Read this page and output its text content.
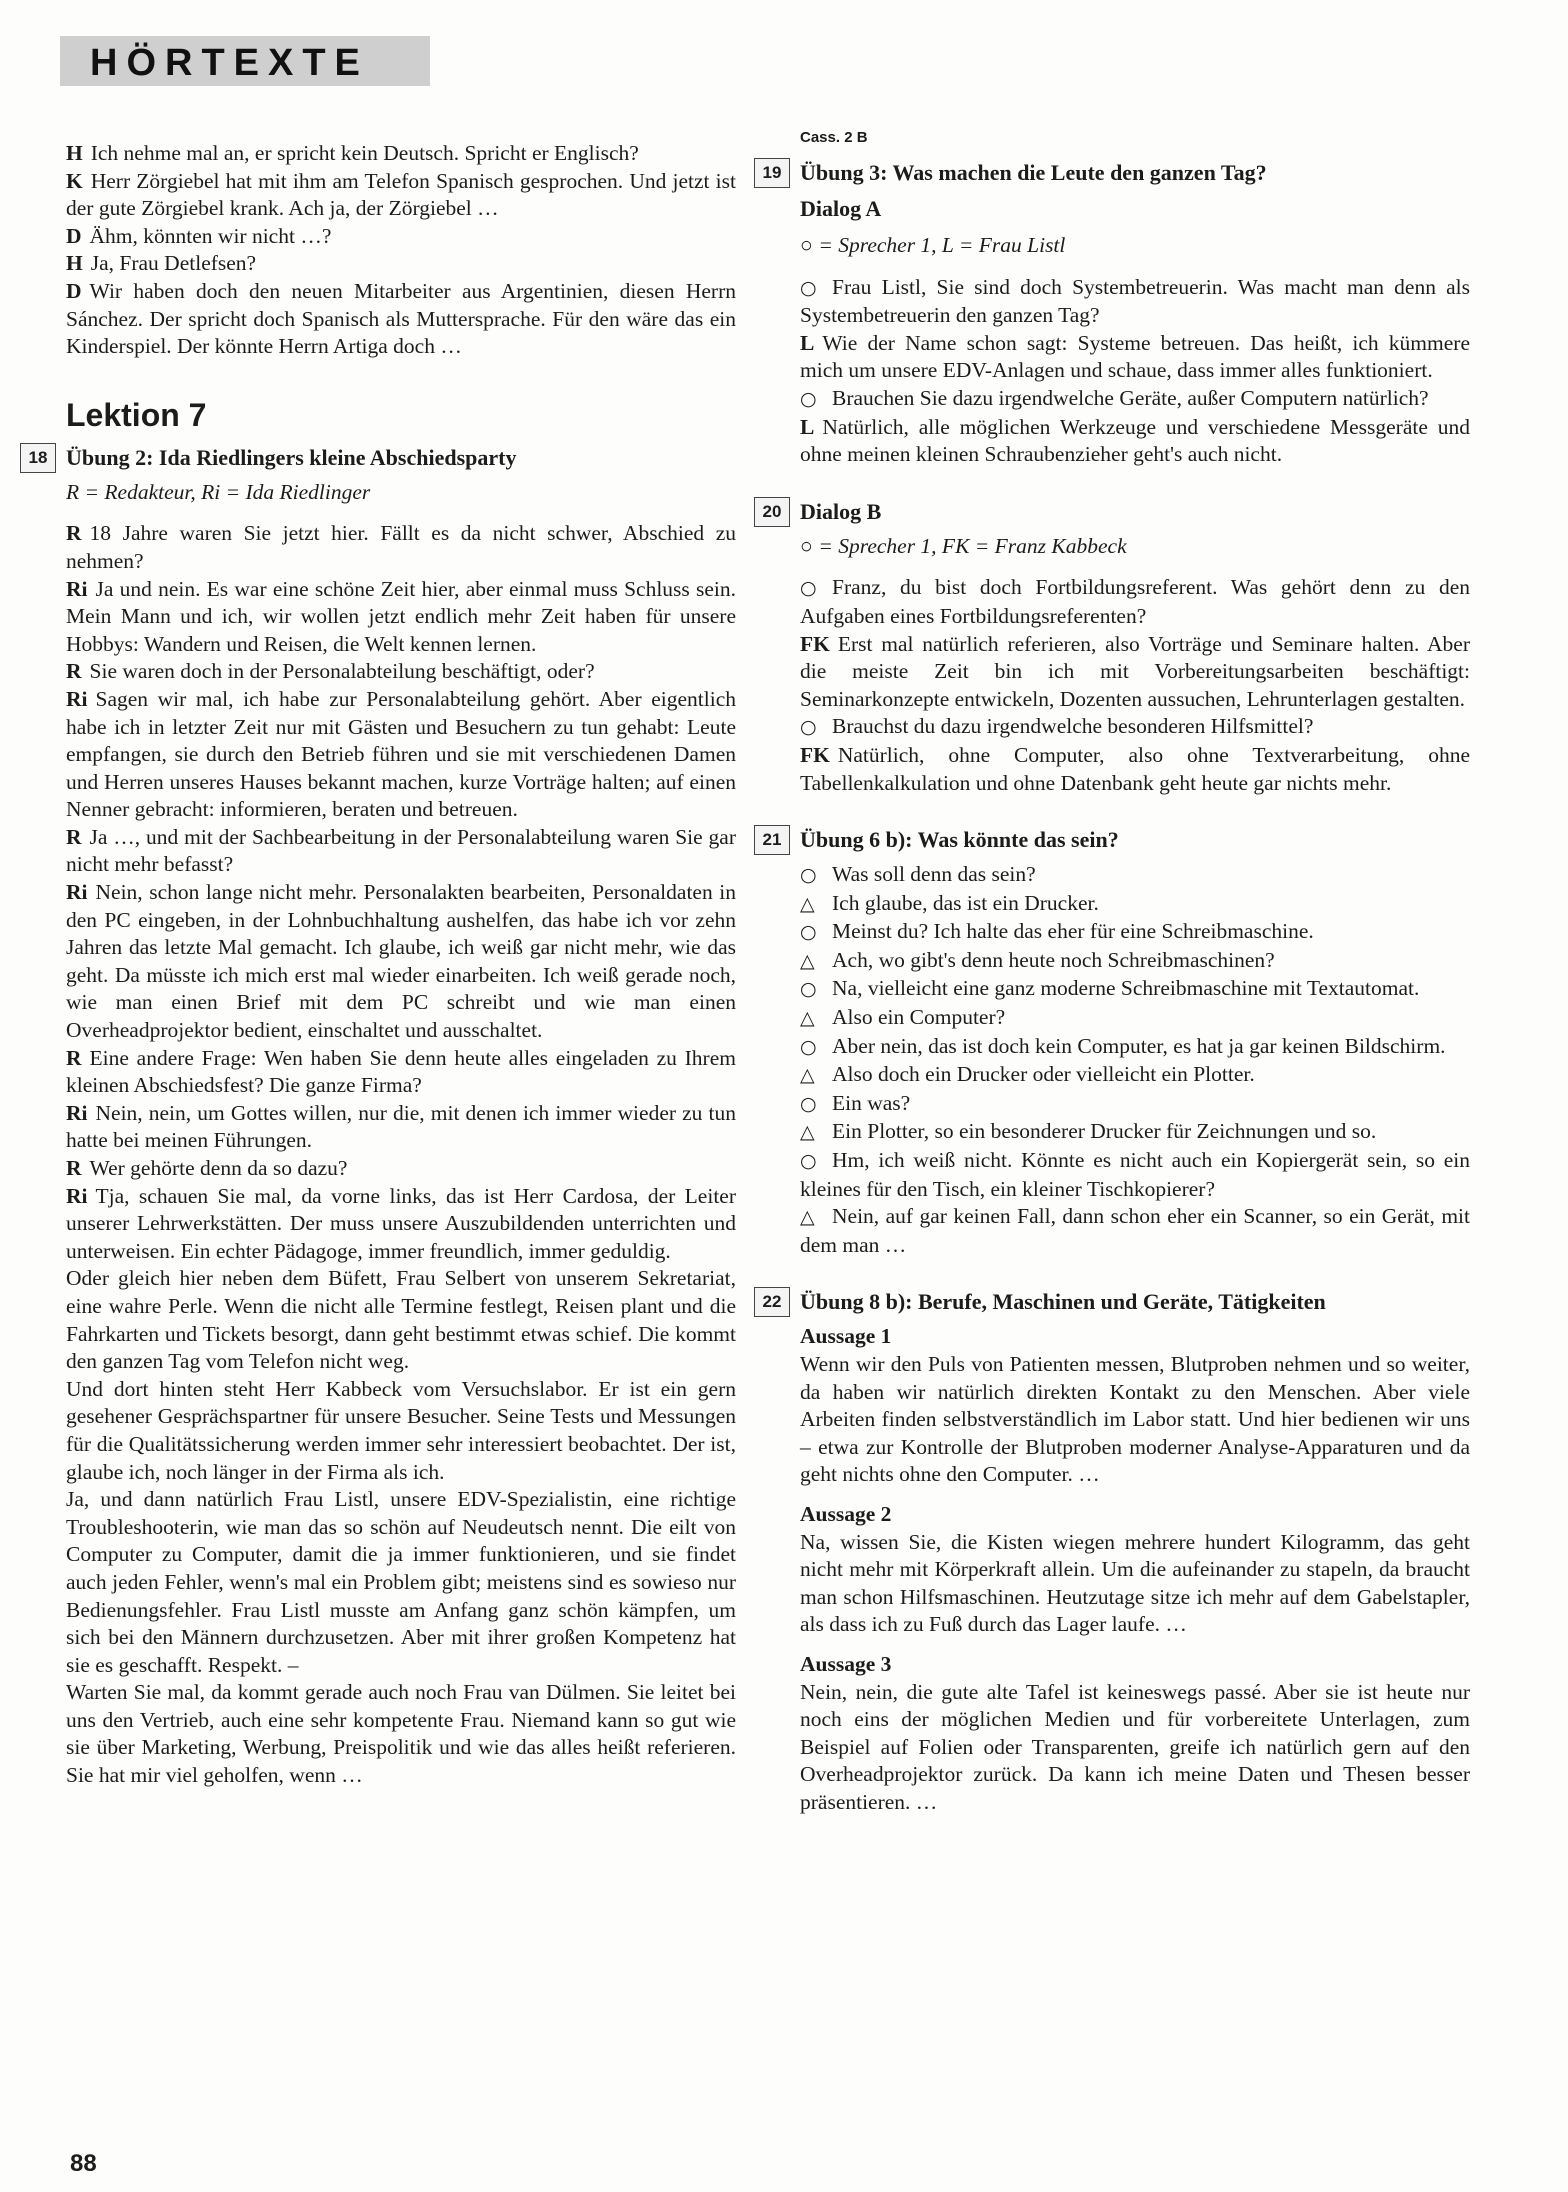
HÖRTEXTE
H Ich nehme mal an, er spricht kein Deutsch. Spricht er Englisch?
K Herr Zörgiebel hat mit ihm am Telefon Spanisch gesprochen. Und jetzt ist der gute Zörgiebel krank. Ach ja, der Zörgiebel …
D Ähm, könnten wir nicht …?
H Ja, Frau Detlefsen?
D Wir haben doch den neuen Mitarbeiter aus Argentinien, diesen Herrn Sánchez. Der spricht doch Spanisch als Muttersprache. Für den wäre das ein Kinderspiel. Der könnte Herrn Artiga doch …
Lektion 7
18 Übung 2: Ida Riedlingers kleine Abschiedsparty
R = Redakteur, Ri = Ida Riedlinger
R 18 Jahre waren Sie jetzt hier. Fällt es da nicht schwer, Abschied zu nehmen?
Ri Ja und nein. Es war eine schöne Zeit hier, aber einmal muss Schluss sein. Mein Mann und ich, wir wollen jetzt endlich mehr Zeit haben für unsere Hobbys: Wandern und Reisen, die Welt kennen lernen.
R Sie waren doch in der Personalabteilung beschäftigt, oder?
Ri Sagen wir mal, ich habe zur Personalabteilung gehört. Aber eigentlich habe ich in letzter Zeit nur mit Gästen und Besuchern zu tun gehabt: Leute empfangen, sie durch den Betrieb führen und sie mit verschiedenen Damen und Herren unseres Hauses bekannt machen, kurze Vorträge halten; auf einen Nenner gebracht: informieren, beraten und betreuen.
R Ja …, und mit der Sachbearbeitung in der Personalabteilung waren Sie gar nicht mehr befasst?
Ri Nein, schon lange nicht mehr. Personalakten bearbeiten, Personaldaten in den PC eingeben, in der Lohnbuchhaltung aushelfen, das habe ich vor zehn Jahren das letzte Mal gemacht. Ich glaube, ich weiß gar nicht mehr, wie das geht. Da müsste ich mich erst mal wieder einarbeiten. Ich weiß gerade noch, wie man einen Brief mit dem PC schreibt und wie man einen Overheadprojektor bedient, einschaltet und ausschaltet.
R Eine andere Frage: Wen haben Sie denn heute alles eingeladen zu Ihrem kleinen Abschiedsfest? Die ganze Firma?
Ri Nein, nein, um Gottes willen, nur die, mit denen ich immer wieder zu tun hatte bei meinen Führungen.
R Wer gehörte denn da so dazu?
Ri Tja, schauen Sie mal, da vorne links, das ist Herr Cardosa, der Leiter unserer Lehrwerkstätten. Der muss unsere Auszubildenden unterrichten und unterweisen. Ein echter Pädagoge, immer freundlich, immer geduldig.
Oder gleich hier neben dem Büfett, Frau Selbert von unserem Sekretariat, eine wahre Perle. Wenn die nicht alle Termine festlegt, Reisen plant und die Fahrkarten und Tickets besorgt, dann geht bestimmt etwas schief. Die kommt den ganzen Tag vom Telefon nicht weg.
Und dort hinten steht Herr Kabbeck vom Versuchslabor. Er ist ein gern gesehener Gesprächspartner für unsere Besucher. Seine Tests und Messungen für die Qualitätssicherung werden immer sehr interessiert beobachtet. Der ist, glaube ich, noch länger in der Firma als ich.
Ja, und dann natürlich Frau Listl, unsere EDV-Spezialistin, eine richtige Troubleshooterin, wie man das so schön auf Neudeutsch nennt. Die eilt von Computer zu Computer, damit die ja immer funktionieren, und sie findet auch jeden Fehler, wenn's mal ein Problem gibt; meistens sind es sowieso nur Bedienungsfehler. Frau Listl musste am Anfang ganz schön kämpfen, um sich bei den Männern durchzusetzen. Aber mit ihrer großen Kompetenz hat sie es geschafft. Respekt. –
Warten Sie mal, da kommt gerade auch noch Frau van Dülmen. Sie leitet bei uns den Vertrieb, auch eine sehr kompetente Frau. Niemand kann so gut wie sie über Marketing, Werbung, Preispolitik und wie das alles heißt referieren. Sie hat mir viel geholfen, wenn …
Cass. 2 B
19 Übung 3: Was machen die Leute den ganzen Tag?
Dialog A
○ = Sprecher 1, L = Frau Listl
○ Frau Listl, Sie sind doch Systembetreuerin. Was macht man denn als Systembetreuerin den ganzen Tag?
L Wie der Name schon sagt: Systeme betreuen. Das heißt, ich kümmere mich um unsere EDV-Anlagen und schaue, dass immer alles funktioniert.
○ Brauchen Sie dazu irgendwelche Geräte, außer Computern natürlich?
L Natürlich, alle möglichen Werkzeuge und verschiedene Messgeräte und ohne meinen kleinen Schraubenzieher geht's auch nicht.
20 Dialog B
○ = Sprecher 1, FK = Franz Kabbeck
○ Franz, du bist doch Fortbildungsreferent. Was gehört denn zu den Aufgaben eines Fortbildungsreferenten?
FK Erst mal natürlich referieren, also Vorträge und Seminare halten. Aber die meiste Zeit bin ich mit Vorbereitungsarbeiten beschäftigt: Seminarkonzepte entwickeln, Dozenten aussuchen, Lehrunterlagen gestalten.
○ Brauchst du dazu irgendwelche besonderen Hilfsmittel?
FK Natürlich, ohne Computer, also ohne Textverarbeitung, ohne Tabellenkalkulation und ohne Datenbank geht heute gar nichts mehr.
21 Übung 6 b): Was könnte das sein?
○ Was soll denn das sein?
△ Ich glaube, das ist ein Drucker.
○ Meinst du? Ich halte das eher für eine Schreibmaschine.
△ Ach, wo gibt's denn heute noch Schreibmaschinen?
○ Na, vielleicht eine ganz moderne Schreibmaschine mit Textautomat.
△ Also ein Computer?
○ Aber nein, das ist doch kein Computer, es hat ja gar keinen Bildschirm.
△ Also doch ein Drucker oder vielleicht ein Plotter.
○ Ein was?
△ Ein Plotter, so ein besonderer Drucker für Zeichnungen und so.
○ Hm, ich weiß nicht. Könnte es nicht auch ein Kopiergerät sein, so ein kleines für den Tisch, ein kleiner Tischkopierer?
△ Nein, auf gar keinen Fall, dann schon eher ein Scanner, so ein Gerät, mit dem man …
22 Übung 8 b): Berufe, Maschinen und Geräte, Tätigkeiten
Aussage 1
Wenn wir den Puls von Patienten messen, Blutproben nehmen und so weiter, da haben wir natürlich direkten Kontakt zu den Menschen. Aber viele Arbeiten finden selbstverständlich im Labor statt. Und hier bedienen wir uns – etwa zur Kontrolle der Blutproben moderner Analyse-Apparaturen und da geht nichts ohne den Computer. …
Aussage 2
Na, wissen Sie, die Kisten wiegen mehrere hundert Kilogramm, das geht nicht mehr mit Körperkraft allein. Um die aufeinander zu stapeln, da braucht man schon Hilfsmaschinen. Heutzutage sitze ich mehr auf dem Gabelstapler, als dass ich zu Fuß durch das Lager laufe. …
Aussage 3
Nein, nein, die gute alte Tafel ist keineswegs passé. Aber sie ist heute nur noch eins der möglichen Medien und für vorbereitete Unterlagen, zum Beispiel auf Folien oder Transparenten, greife ich natürlich gern auf den Overheadprojektor zurück. Da kann ich meine Daten und Thesen besser präsentieren. …
88
